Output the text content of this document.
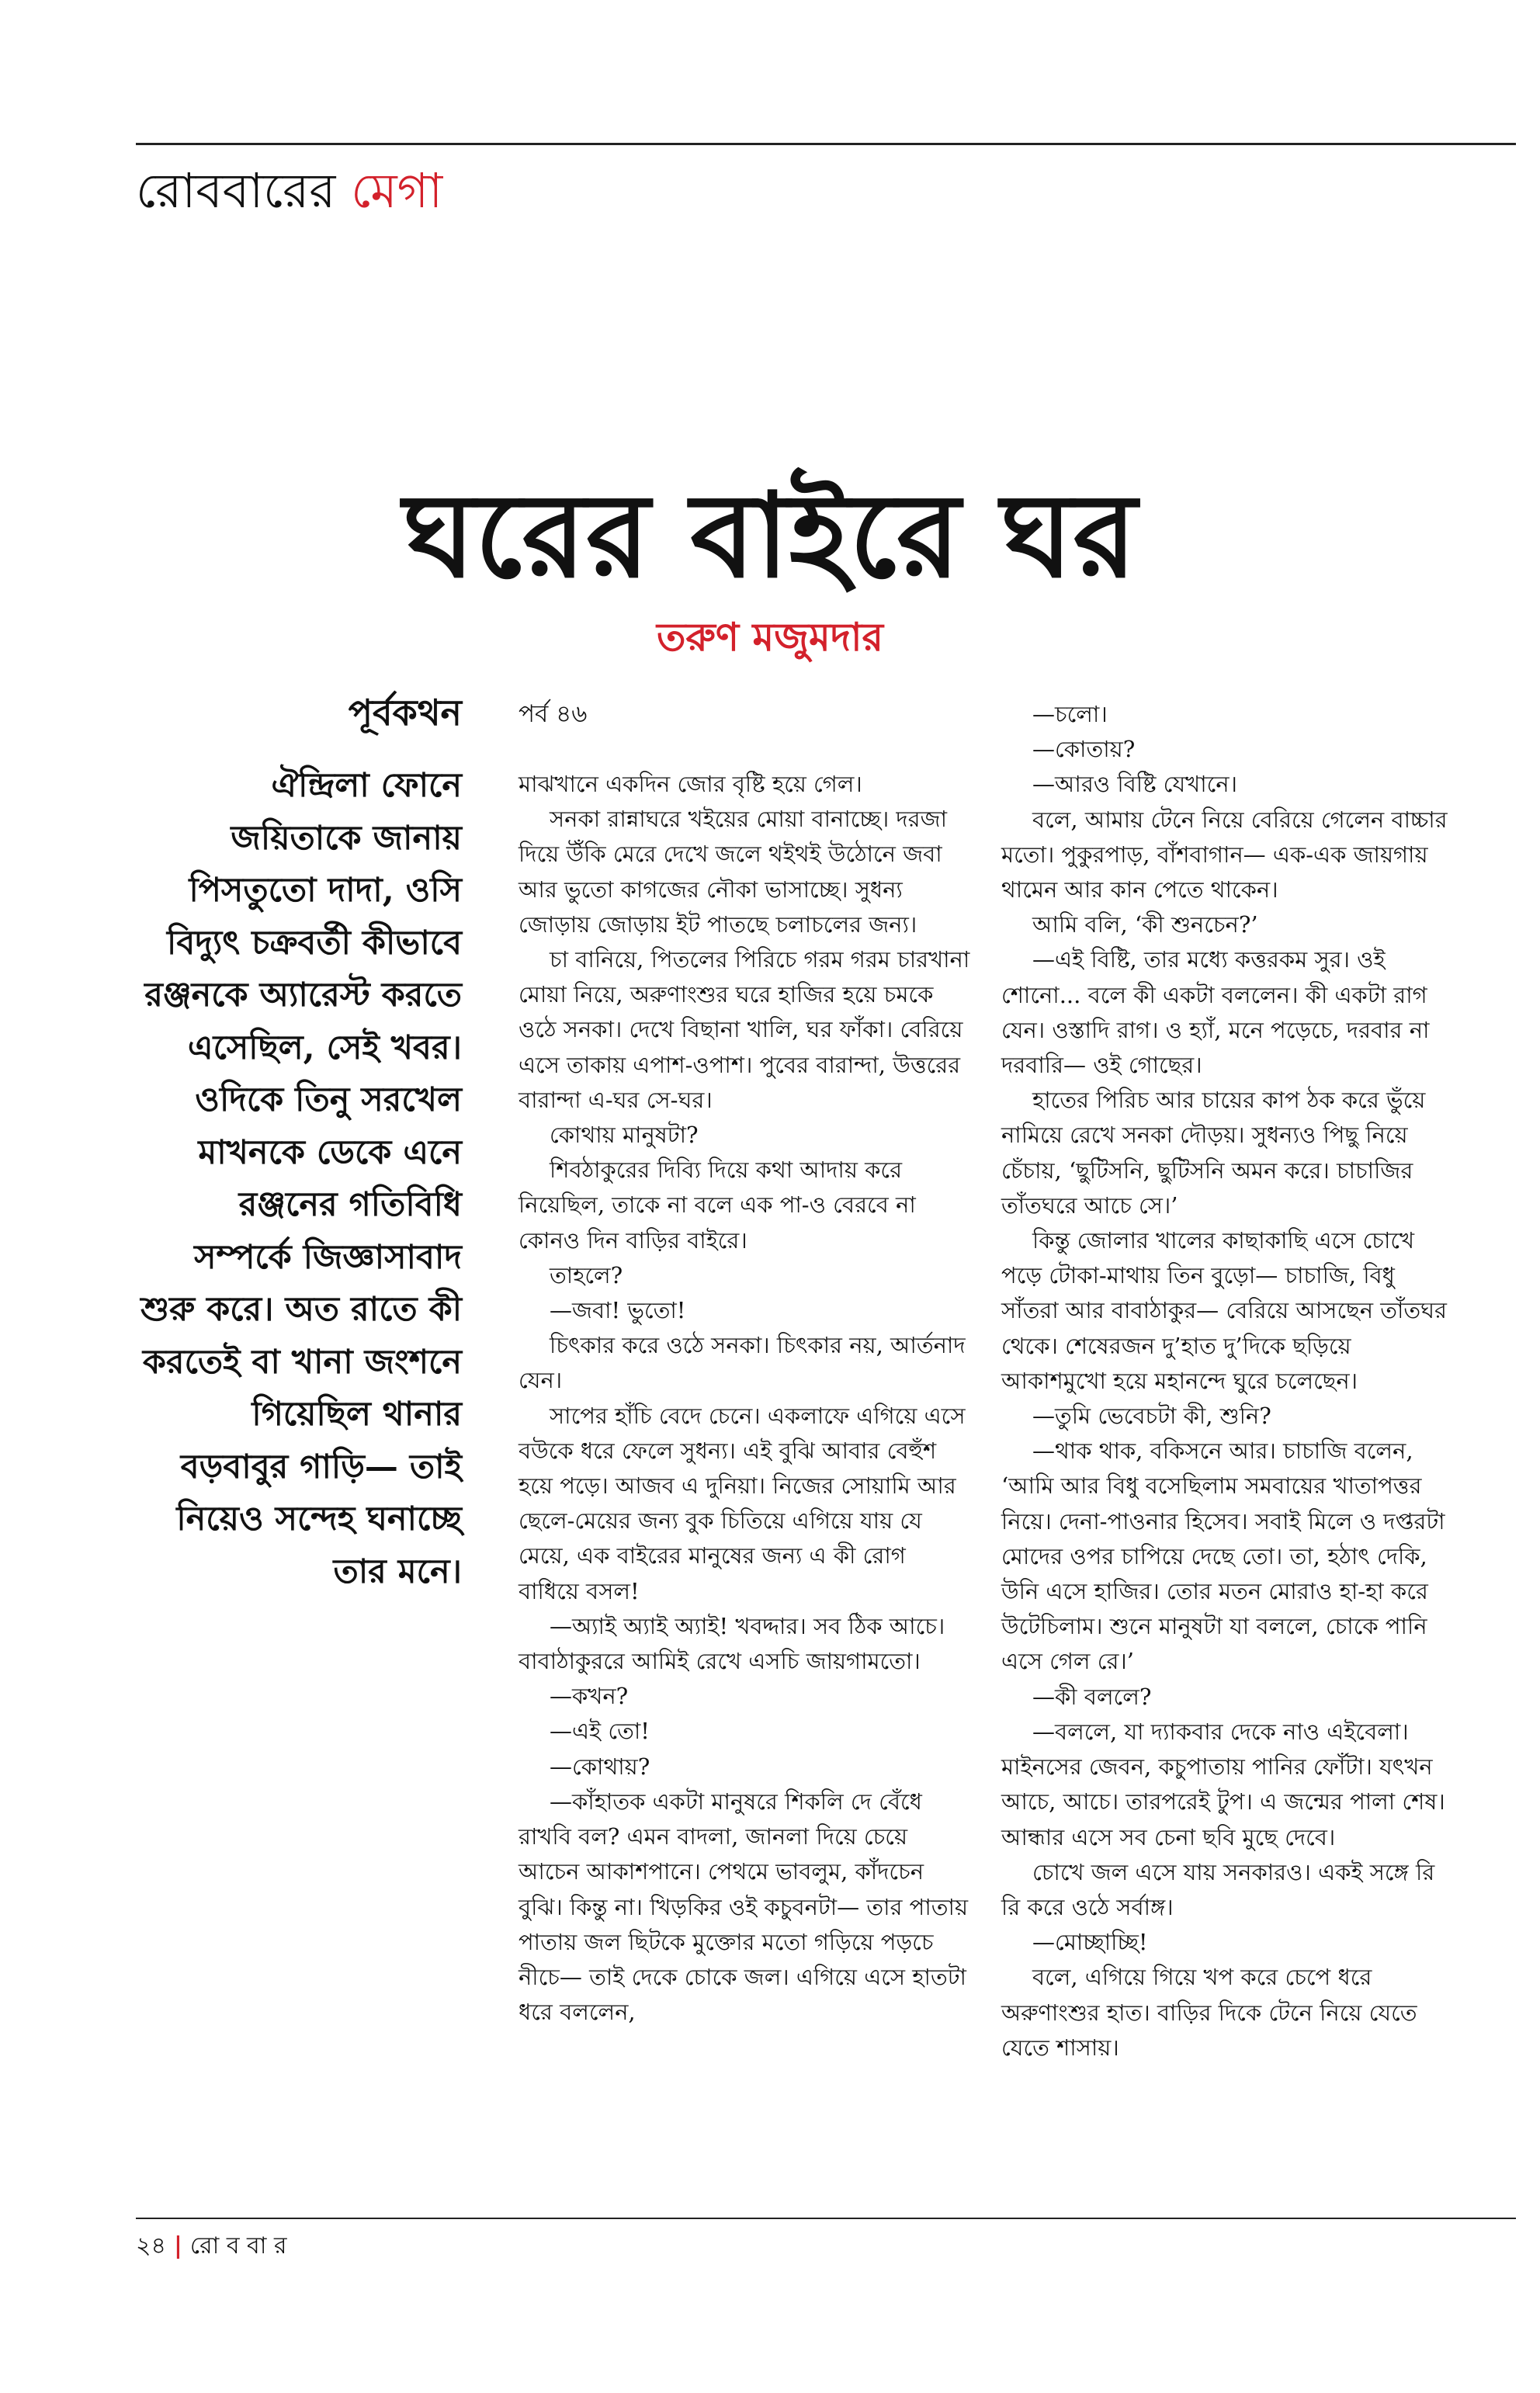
রোববারের মেগা
ঘরের বাইরে ঘর
তরুণ মজুমদার
পূর্বকথন
ঐন্দ্রিলা ফোনে জয়িতাকে জানায় পিসতুতো দাদা, ওসি বিদ্যুৎ চক্রবর্তী কীভাবে রঞ্জনকে অ্যারেস্ট করতে এসেছিল, সেই খবর। ওদিকে তিনু সরখেল মাখনকে ডেকে এনে রঞ্জনের গতিবিধি সম্পর্কে জিজ্ঞাসাবাদ শুরু করে। অত রাতে কী করতেই বা খানা জংশনে গিয়েছিল থানার বড়বাবুর গাড়ি— তাই নিয়েও সন্দেহ ঘনাচ্ছে তার মনে।

পর্ব ৪৬

মাঝখানে একদিন জোর বৃষ্টি হয়ে গেল।

সনকা রান্নাঘরে খইয়ের মোয়া বানাচ্ছে। দরজা দিয়ে উঁকি মেরে দেখে জলে থইথই উঠোনে জবা আর ভুতো কাগজের নৌকা ভাসাচ্ছে। সুধন্য জোড়ায় জোড়ায় ইট পাতছে চলাচলের জন্য।

চা বানিয়ে, পিতলের পিরিচে গরম গরম চারখানা মোয়া নিয়ে, অরুণাংশুর ঘরে হাজির হয়ে চমকে ওঠে সনকা। দেখে বিছানা খালি, ঘর ফাঁকা। বেরিয়ে এসে তাকায় এপাশ-ওপাশ। পুবের বারান্দা, উত্তরের বারান্দা এ-ঘর সে-ঘর।

কোথায় মানুষটা?

শিবঠাকুরের দিব্যি দিয়ে কথা আদায় করে নিয়েছিল, তাকে না বলে এক পা-ও বেরবে না কোনও দিন বাড়ির বাইরে।

তাহলে?

—জবা! ভুতো!

চিৎকার করে ওঠে সনকা। চিৎকার নয়, আর্তনাদ যেন।

সাপের হাঁচি বেদে চেনে। একলাফে এগিয়ে এসে বউকে ধরে ফেলে সুধন্য। এই বুঝি আবার বেহুঁশ হয়ে পড়ে। আজব এ দুনিয়া। নিজের সোয়ামি আর ছেলে-মেয়ের জন্য বুক চিতিয়ে এগিয়ে যায় যে মেয়ে, এক বাইরের মানুষের জন্য এ কী রোগ বাধিয়ে বসল!

—অ্যাই অ্যাই অ্যাই! খবদ্দার। সব ঠিক আচে। বাবাঠাকুররে আমিই রেখে এসচি জায়গামতো।

—কখন?

—এই তো!

—কোথায়?

—কাঁহাতক একটা মানুষরে শিকলি দে বেঁধে রাখবি বল? এমন বাদলা, জানলা দিয়ে চেয়ে আচেন আকাশপানে। পেথমে ভাবলুম, কাঁদচেন বুঝি। কিন্তু না। খিড়কির ওই কচুবনটা— তার পাতায় পাতায় জল ছিটকে মুক্তোর মতো গড়িয়ে পড়চে নীচে— তাই দেকে চোকে জল। এগিয়ে এসে হাতটা ধরে বললেন,

—চলো।

—কোতায়?

—আরও বিষ্টি যেখানে।

বলে, আমায় টেনে নিয়ে বেরিয়ে গেলেন বাচ্চার মতো। পুকুরপাড়, বাঁশবাগান— এক-এক জায়গায় থামেন আর কান পেতে থাকেন।

আমি বলি, ‘কী শুনচেন?’

—এই বিষ্টি, তার মধ্যে কত্তরকম সুর। ওই শোনো... বলে কী একটা বললেন। কী একটা রাগ যেন। ওস্তাদি রাগ। ও হ্যাঁ, মনে পড়েচে, দরবার না দরবারি— ওই গোছের।

হাতের পিরিচ আর চায়ের কাপ ঠক করে ভুঁয়ে নামিয়ে রেখে সনকা দৌড়য়। সুধন্যও পিছু নিয়ে চেঁচায়, ‘ছুটিসনি, ছুটিসনি অমন করে। চাচাজির তাঁতঘরে আচে সে।’

কিন্তু জোলার খালের কাছাকাছি এসে চোখে পড়ে টোকা-মাথায় তিন বুড়ো— চাচাজি, বিধু সাঁতরা আর বাবাঠাকুর— বেরিয়ে আসছেন তাঁতঘর থেকে। শেষেরজন দু’হাত দু’দিকে ছড়িয়ে আকাশমুখো হয়ে মহানন্দে ঘুরে চলেছেন।

—তুমি ভেবেচটা কী, শুনি?

—থাক থাক, বকিসনে আর। চাচাজি বলেন, ‘আমি আর বিধু বসেছিলাম সমবায়ের খাতাপত্তর নিয়ে। দেনা-পাওনার হিসেব। সবাই মিলে ও দপ্তরটা মোদের ওপর চাপিয়ে দেছে তো। তা, হঠাৎ দেকি, উনি এসে হাজির। তোর মতন মোরাও হা-হা করে উটেচিলাম। শুনে মানুষটা যা বললে, চোকে পানি এসে গেল রে।’

—কী বললে?

—বললে, যা দ্যাকবার দেকে নাও এইবেলা। মাইনসের জেবন, কচুপাতায় পানির ফোঁটা। যৎখন আচে, আচে। তারপরেই টুপ। এ জন্মের পালা শেষ। আন্ধার এসে সব চেনা ছবি মুছে দেবে।

চোখে জল এসে যায় সনকারও। একই সঙ্গে রি রি করে ওঠে সর্বাঙ্গ।

—মোচ্ছাচ্ছি!

বলে, এগিয়ে গিয়ে খপ করে চেপে ধরে অরুণাংশুর হাত। বাড়ির দিকে টেনে নিয়ে যেতে যেতে শাসায়।

২৪ | রো ব বা র
